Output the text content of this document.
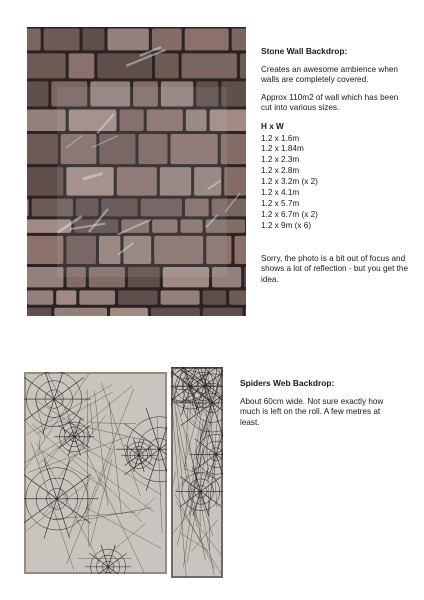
Stone Wall Backdrop:
Creates an awesome ambience when walls are completely covered.
Approx 110m2 of wall which has been cut into various sizes.
H x W
1.2 x 1.6m
1.2 x 1.84m
1.2 x 2.3m
1.2 x 2.8m
1.2 x 3.2m (x 2)
1.2 x 4.1m
1.2 x 5.7m
1.2 x 6.7m (x 2)
1.2 x 9m (x 6)
Sorry, the photo is a bit out of focus and shows a lot of reflection - but you get the idea.
Spiders Web Backdrop:
About 60cm wide. Not sure exactly how much is left on the roll. A few metres at least.
